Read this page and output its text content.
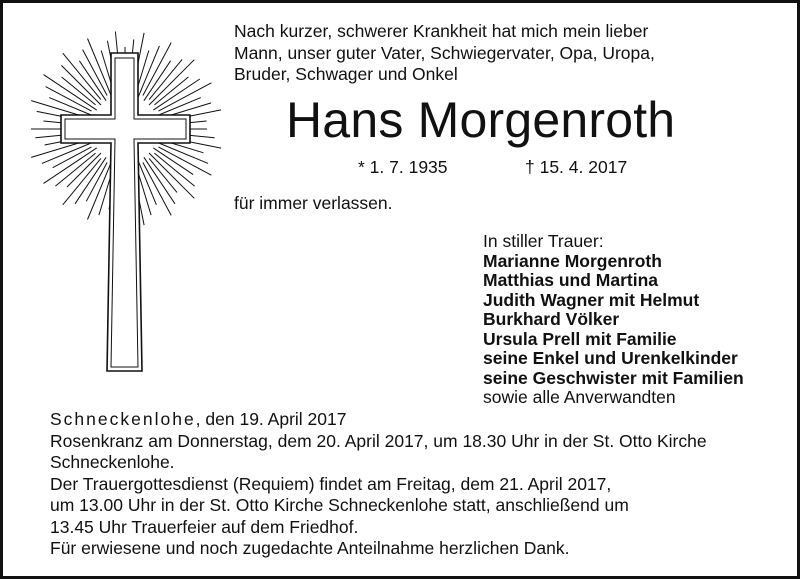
Nach kurzer, schwerer Krankheit hat mich mein lieber
Mann, unser guter Vater, Schwiegervater, Opa, Uropa,
Bruder, Schwager und Onkel
Hans Morgenroth
* 1. 7. 1935	† 15. 4. 2017
für immer verlassen.
In stiller Trauer:
Marianne Morgenroth
Matthias und Martina
Judith Wagner mit Helmut
Burkhard Völker
Ursula Prell mit Familie
seine Enkel und Urenkelkinder
seine Geschwister mit Familien
sowie alle Anverwandten
Schneckenlohe, den 19. April 2017
Rosenkranz am Donnerstag, dem 20. April 2017, um 18.30 Uhr in der St. Otto Kirche
Schneckenlohe.
Der Trauergottesdienst (Requiem) findet am Freitag, dem 21. April 2017,
um 13.00 Uhr in der St. Otto Kirche Schneckenlohe statt, anschließend um
13.45 Uhr Trauerfeier auf dem Friedhof.
Für erwiesene und noch zugedachte Anteilnahme herzlichen Dank.
